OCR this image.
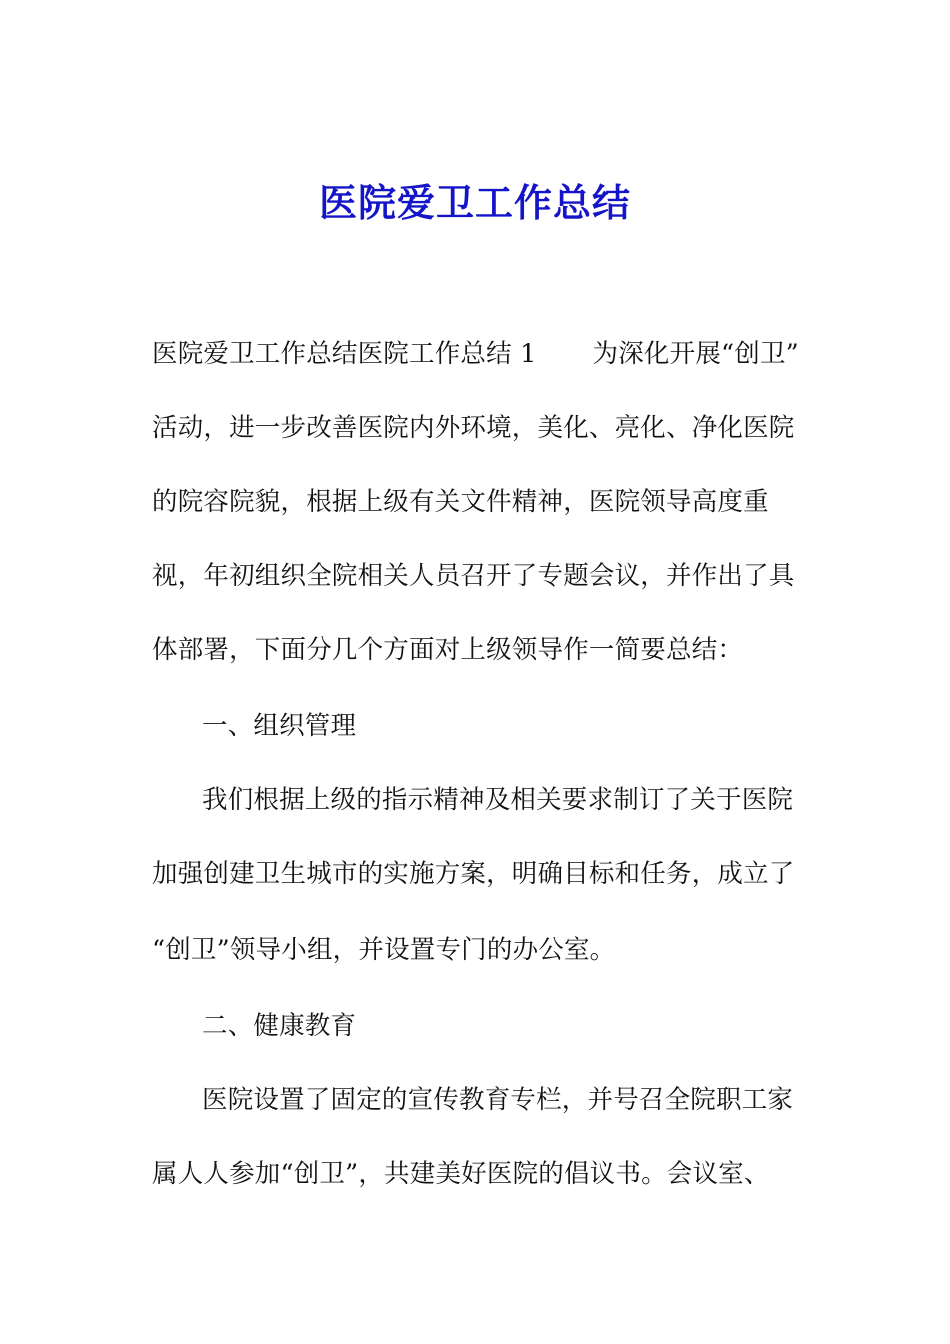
医院爱卫工作总结
医院爱卫工作总结医院工作总结 1 为深化开展“创卫”
活动，进一步改善医院内外环境，美化、亮化、净化医院
的院容院貌，根据上级有关文件精神，医院领导高度重
视，年初组织全院相关人员召开了专题会议，并作出了具
体部署，下面分几个方面对上级领导作一简要总结：
一、组织管理
我们根据上级的指示精神及相关要求制订了关于医院
加强创建卫生城市的实施方案，明确目标和任务，成立了
“创卫”领导小组，并设置专门的办公室。
二、健康教育
医院设置了固定的宣传教育专栏，并号召全院职工家
属人人参加“创卫”，共建美好医院的倡议书。会议室、
